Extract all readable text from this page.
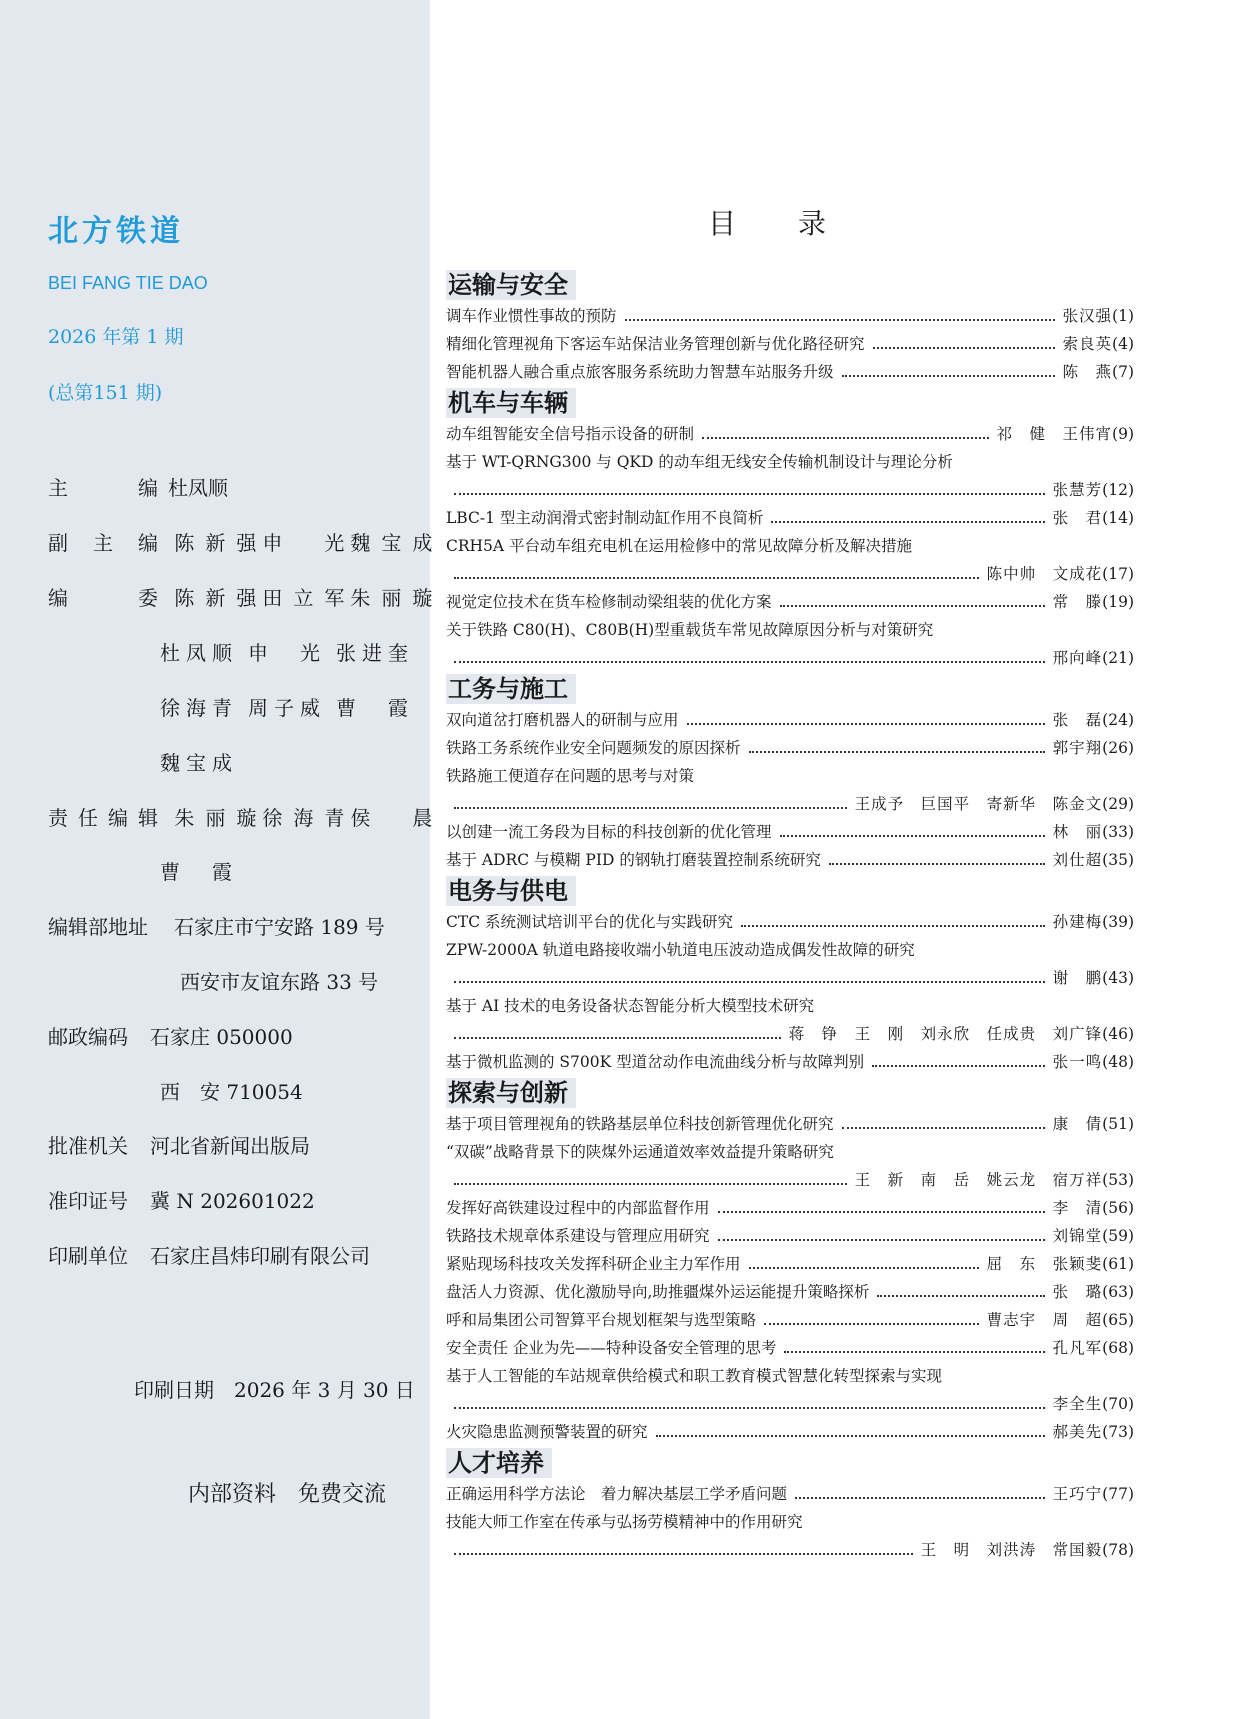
北方铁道
BEI FANG TIE DAO
2026 年第 1 期
(总第151 期)
主编 杜凤顺
副主编 陈新强 申光 魏宝成
编委 陈新强 田立军 朱丽璇
杜凤顺 申光 张进奎
徐海青 周子威 曹霞
魏宝成
责任编辑 朱丽璇 徐海青 侯晨
曹霞
编辑部地址 石家庄市宁安路 189 号
西安市友谊东路 33 号
邮政编码 石家庄 050000
西　安 710054
批准机关 河北省新闻出版局
准印证号 冀 N 202601022
印刷单位 石家庄昌炜印刷有限公司
印刷日期　2026 年 3 月 30 日
内部资料　免费交流
目录
运输与安全
调车作业惯性事故的预防	张汉强 (1)
精细化管理视角下客运车站保洁业务管理创新与优化路径研究	索良英 (4)
智能机器人融合重点旅客服务系统助力智慧车站服务升级	陈　燕 (7)
机车与车辆
动车组智能安全信号指示设备的研制	祁　健　王伟宵 (9)
基于 WT-QRNG300 与 QKD 的动车组无线安全传输机制设计与理论分析
张慧芳 (12)
LBC-1 型主动润滑式密封制动缸作用不良简析	张　君 (14)
CRH5A 平台动车组充电机在运用检修中的常见故障分析及解决措施
陈中帅　文成花 (17)
视觉定位技术在货车检修制动梁组装的优化方案	常　滕 (19)
关于铁路 C80(H)、C80B(H)型重载货车常见故障原因分析与对策研究
邢向峰 (21)
工务与施工
双向道岔打磨机器人的研制与应用	张　磊 (24)
铁路工务系统作业安全问题频发的原因探析	郭宇翔 (26)
铁路施工便道存在问题的思考与对策
王成予　巨国平　寄新华　陈金文 (29)
以创建一流工务段为目标的科技创新的优化管理	林　丽 (33)
基于 ADRC 与模糊 PID 的钢轨打磨装置控制系统研究	刘仕超 (35)
电务与供电
CTC 系统测试培训平台的优化与实践研究	孙建梅 (39)
ZPW-2000A 轨道电路接收端小轨道电压波动造成偶发性故障的研究
谢　鹏 (43)
基于 AI 技术的电务设备状态智能分析大模型技术研究
蒋　铮　王　刚　刘永欣　任成贵　刘广锋 (46)
基于微机监测的 S700K 型道岔动作电流曲线分析与故障判别	张一鸣 (48)
探索与创新
基于项目管理视角的铁路基层单位科技创新管理优化研究	康　倩 (51)
“双碳”战略背景下的陕煤外运通道效率效益提升策略研究
王　新　南　岳　姚云龙　宿万祥 (53)
发挥好高铁建设过程中的内部监督作用	李　清 (56)
铁路技术规章体系建设与管理应用研究	刘锦堂 (59)
紧贴现场科技攻关发挥科研企业主力军作用	屈　东　张颖斐 (61)
盘活人力资源、优化激励导向,助推疆煤外运运能提升策略探析	张　璐 (63)
呼和局集团公司智算平台规划框架与选型策略	曹志宇　周　超 (65)
安全责任 企业为先——特种设备安全管理的思考	孔凡军 (68)
基于人工智能的车站规章供给模式和职工教育模式智慧化转型探索与实现
李全生 (70)
火灾隐患监测预警装置的研究	郝美先 (73)
人才培养
正确运用科学方法论　着力解决基层工学矛盾问题	王巧宁 (77)
技能大师工作室在传承与弘扬劳模精神中的作用研究
王　明　刘洪涛　常国毅 (78)
